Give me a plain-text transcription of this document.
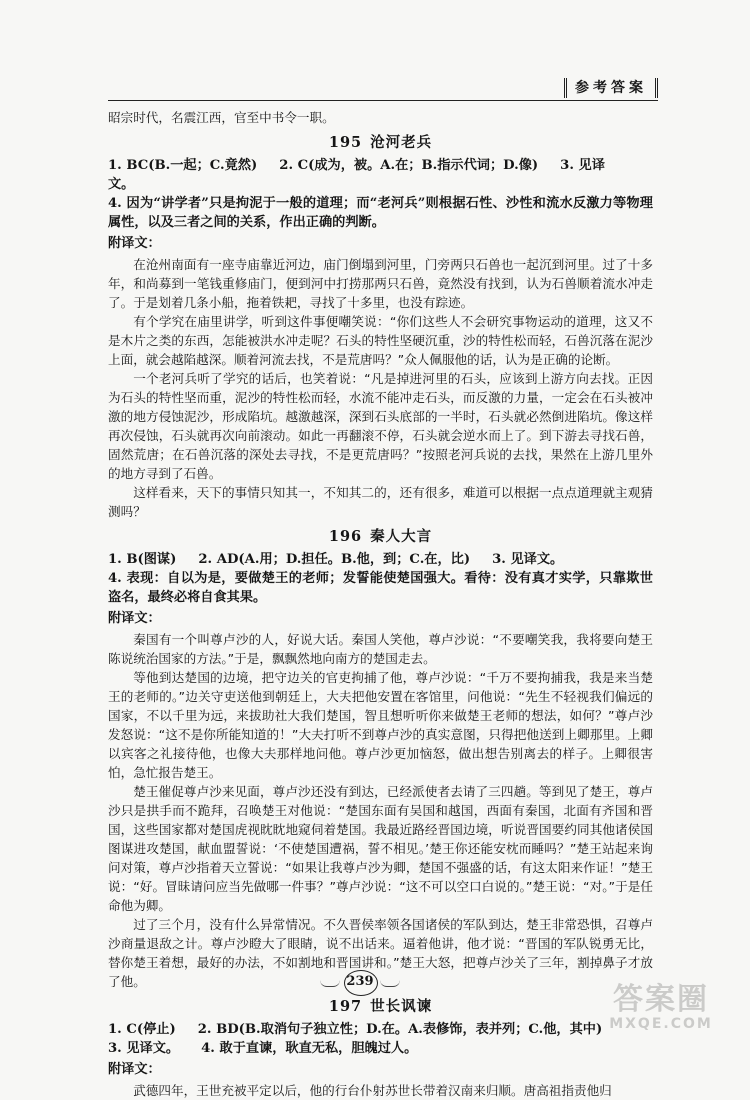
参考答案

昭宗时代，名震江西，官至中书令一职。

195 沧河老兵
1. BC(B.一起；C.竟然) 2. C(成为，被。A.在；B.指示代词；D.像) 3. 见译文。

4. 因为“讲学者”只是拘泥于一般的道理；而“老河兵”则根据石性、沙性和流水反激力等物理属性，以及三者之间的关系，作出正确的判断。

附译文：

在沧州南面有一座寺庙靠近河边，庙门倒塌到河里，门旁两只石兽也一起沉到河里。过了十多年，和尚募到一笔钱重修庙门，便到河中打捞那两只石兽，竟然没有找到，认为石兽顺着流水冲走了。于是划着几条小船，拖着铁耙，寻找了十多里，也没有踪迹。

有个学究在庙里讲学，听到这件事便嘲笑说：“你们这些人不会研究事物运动的道理，这又不是木片之类的东西，怎能被洪水冲走呢？石头的特性坚硬沉重，沙的特性松而轻，石兽沉落在泥沙上面，就会越陷越深。顺着河流去找，不是荒唐吗？”众人佩服他的话，认为是正确的论断。

一个老河兵听了学究的话后，也笑着说：“凡是掉进河里的石头，应该到上游方向去找。正因为石头的特性坚而重，泥沙的特性松而轻，水流不能冲走石头，而反激的力量，一定会在石头被冲激的地方侵蚀泥沙，形成陷坑。越激越深，深到石头底部的一半时，石头就必然倒进陷坑。像这样再次侵蚀，石头就再次向前滚动。如此一再翻滚不停，石头就会逆水而上了。到下游去寻找石兽，固然荒唐；在石兽沉落的深处去寻找，不是更荒唐吗？”按照老河兵说的去找，果然在上游几里外的地方寻到了石兽。

这样看来，天下的事情只知其一，不知其二的，还有很多，难道可以根据一点点道理就主观猜测吗？

196 秦人大言
1. B(图谋) 2. AD(A.用；D.担任。B.他，到；C.在，比) 3. 见译文。

4. 表现：自以为是，要做楚王的老师；发誓能使楚国强大。看待：没有真才实学，只靠欺世盗名，最终必将自食其果。

附译文：

秦国有一个叫尊卢沙的人，好说大话。秦国人笑他，尊卢沙说：“不要嘲笑我，我将要向楚王陈说统治国家的方法。”于是，飘飘然地向南方的楚国走去。

等他到达楚国的边境，把守边关的官吏拘捕了他，尊卢沙说：“千万不要拘捕我，我是来当楚王的老师的。”边关守吏送他到朝廷上，大夫把他安置在客馆里，问他说：“先生不轻视我们偏远的国家，不以千里为远，来拔助社大我们楚国，智且想听听你来做楚王老师的想法，如何？”尊卢沙发怒说：“这不是你所能知道的！”大夫打听不到尊卢沙的真实意图，只得把他送到上卿那里。上卿以宾客之礼接待他，也像大夫那样地问他。尊卢沙更加恼怒，做出想告别离去的样子。上卿很害怕，急忙报告楚王。

楚王催促尊卢沙来见面，尊卢沙还没有到达，已经派使者去请了三四趟。等到见了楚王，尊卢沙只是拱手而不跪拜，召唤楚王对他说：“楚国东面有吴国和越国，西面有秦国，北面有齐国和晋国，这些国家都对楚国虎视眈眈地窥伺着楚国。我最近路经晋国边境，听说晋国要约同其他诸侯国图谋进攻楚国，献血盟誓说：‘不使楚国遭祸，誓不相见。’楚王你还能安枕而睡吗？”楚王站起来询问对策，尊卢沙指着天立誓说：“如果让我尊卢沙为卿，楚国不强盛的话，有这太阳来作证！”楚王说：“好。冒昧请问应当先做哪一件事？”尊卢沙说：“这不可以空口白说的。”楚王说：“对。”于是任命他为卿。

过了三个月，没有什么异常情况。不久晋侯率领各国诸侯的军队到达，楚王非常恐惧，召尊卢沙商量退敌之计。尊卢沙瞪大了眼睛，说不出话来。逼着他讲，他才说：“晋国的军队锐勇无比，替你楚王着想，最好的办法，不如割地和晋国讲和。”楚王大怒，把尊卢沙关了三年，割掉鼻子才放了他。

197 世长讽谏
1. C(停止) 2. BD(B.取消句子独立性；D.在。A.表修饰，表并列；C.他，其中)
3. 见译文。 4. 敢于直谏，耿直无私，胆魄过人。
附译文：

武德四年，王世充被平定以后，他的行台仆射苏世长带着汉南来归顺。唐高祖指责他归

239
答案圈
MXQE.COM
